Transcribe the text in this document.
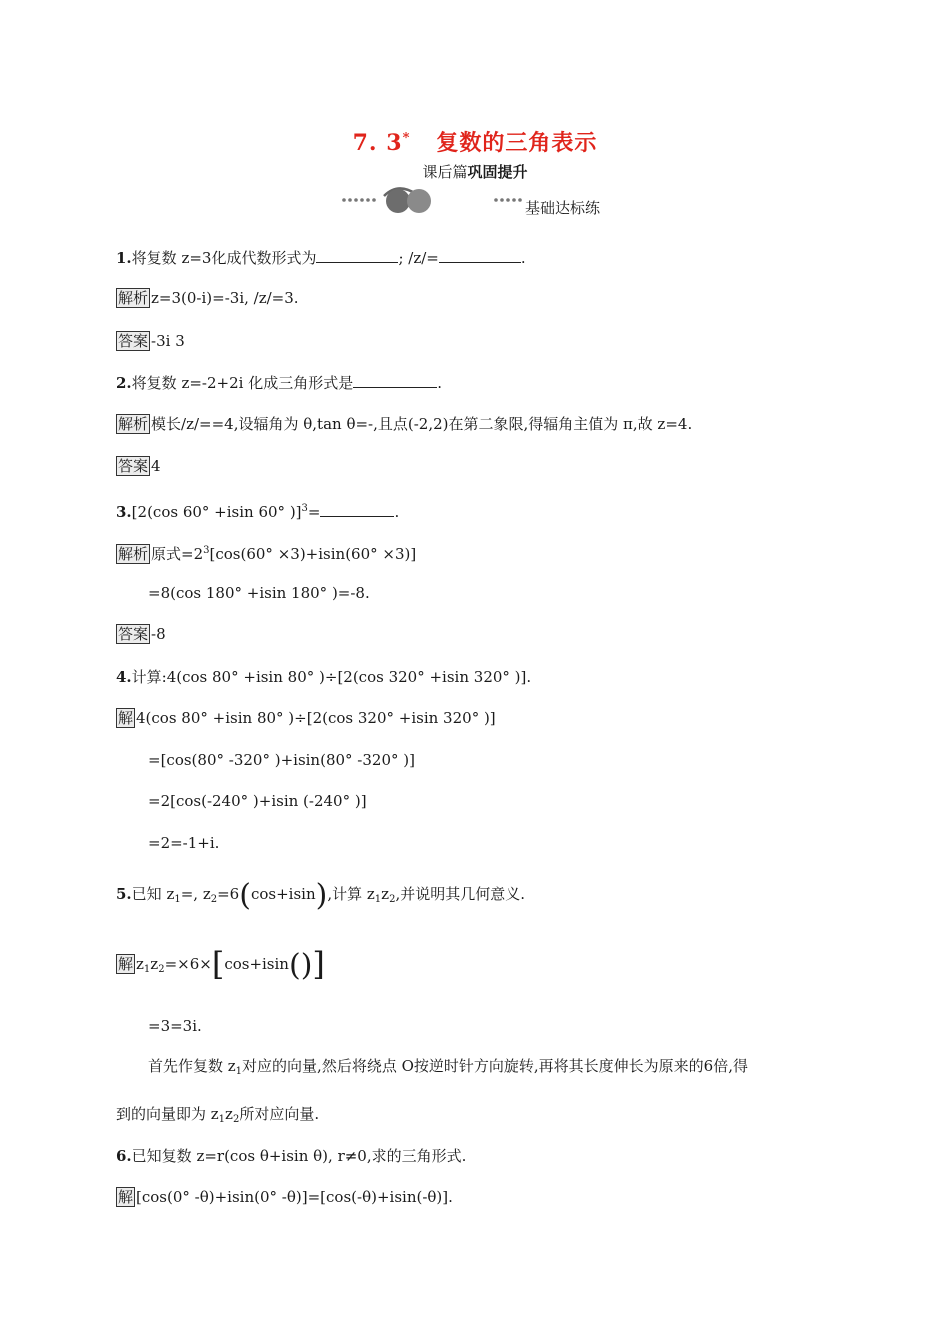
7. 3* 复数的三角表示
课后篇巩固提升
基础达标练
1.将复数 z=3化成代数形式为	; /z/=	.
解析 z=3(0-i)=-3i, /z/=3.
答案 -3i 3
2.将复数 z=-2+2i 化成三角形式是	.
解析 模长/z/==4,设辐角为 θ,tan θ=-,且点(-2,2)在第二象限,得辐角主值为 π,故 z=4.
答案 4
3.[2(cos 60° +isin 60° )]$^3$=	.
解析 原式$=2^3[\cos(60^\circ \times 3)+isin(60^\circ \times 3)]$
=8(cos 180° +isin 180° )=-8.
答案 -8
4.计算:4(cos 80° +isin 80° )÷[2(cos 320° +isin 320° )].
解 4(cos 80° +isin 80° )÷[2(cos 320° +isin 320° )]
=[cos(80° -320° )+isin(80° -320° )]
=2[cos(-240° )+isin (-240° )]
=2=-1+i.
5.已知 $z_1=$, $z_2=6(\cos+isin)$,计算 $z_1z_2$,并说明其几何意义.
解 $z_1z_2=\times 6\times[\cos+isin()]$
=3=3i.
首先作复数 $z_1$对应的向量,然后将绕点 O按逆时针方向旋转,再将其长度伸长为原来的6倍,得
到的向量即为 $z_1z_2$所对应向量.
6.已知复数 z=r(cos θ+isin θ), r≠0,求的三角形式.
解 [cos(0° -θ)+isin(0° -θ)]=[cos(-θ)+isin(-θ)].
